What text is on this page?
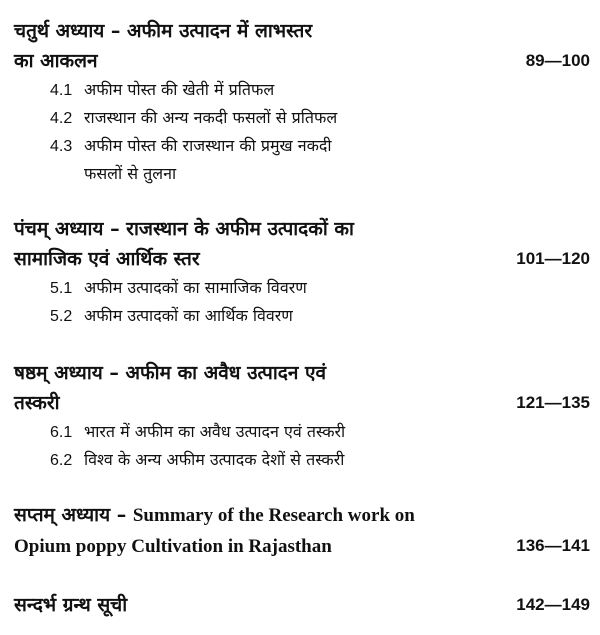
चतुर्थ अध्याय – अफीम उत्पादन में लाभस्तर
का आकलन	89—100
4.1 अफीम पोस्त की खेती में प्रतिफल
4.2 राजस्थान की अन्य नकदी फसलों से प्रतिफल
4.3 अफीम पोस्त की राजस्थान की प्रमुख नकदी
फसलों से तुलना
पंचम् अध्याय – राजस्थान के अफीम उत्पादकों का
सामाजिक एवं आर्थिक स्तर	101—120
5.1 अफीम उत्पादकों का सामाजिक विवरण
5.2 अफीम उत्पादकों का आर्थिक विवरण
षष्ठम् अध्याय – अफीम का अवैध उत्पादन एवं
तस्करी	121—135
6.1 भारत में अफीम का अवैध उत्पादन एवं तस्करी
6.2 विश्व के अन्य अफीम उत्पादक देशों से तस्करी
सप्तम् अध्याय – Summary of the Research work on
Opium poppy Cultivation in Rajasthan	136—141
सन्दर्भ ग्रन्थ सूची	142—149
